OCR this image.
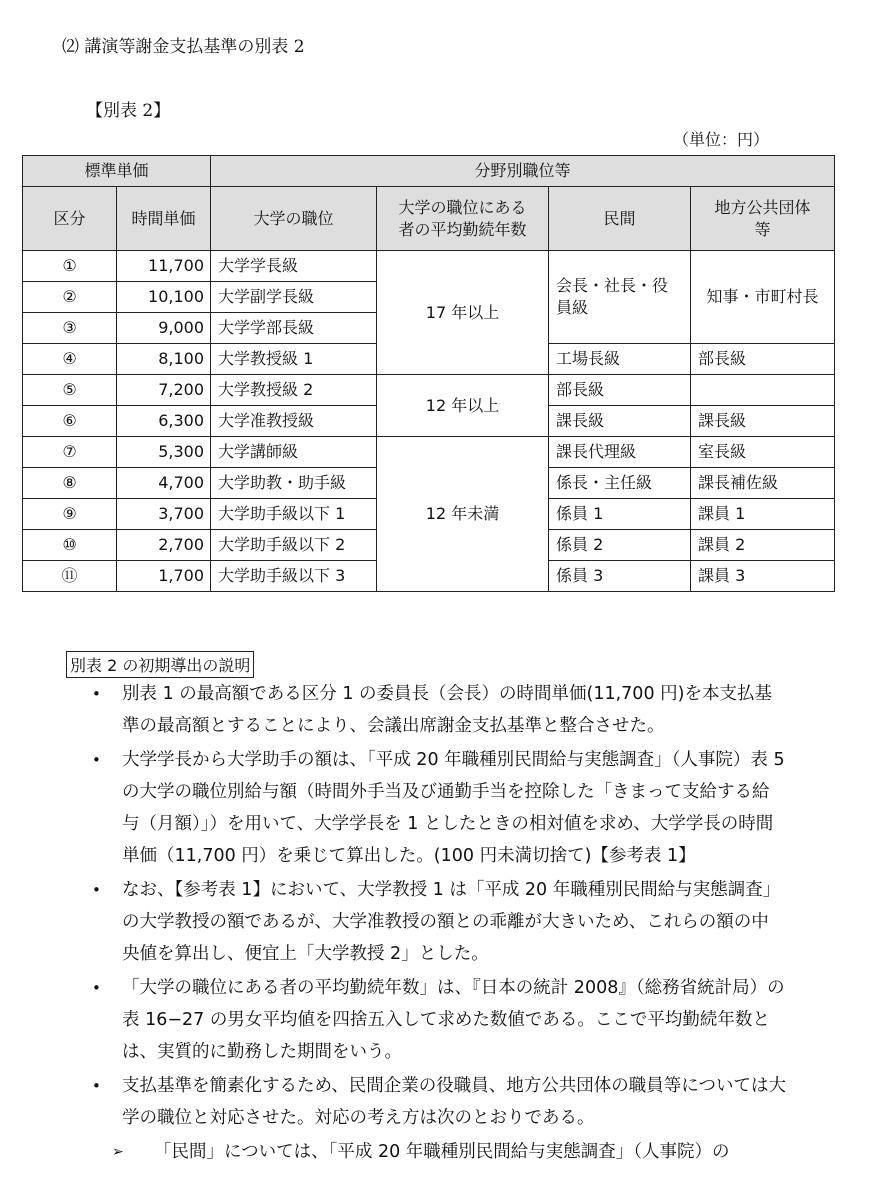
⑵ 講演等謝金支払基準の別表 2
【別表 2】
（単位：円）
標準単価		分野別職位等			
区分	時間単価	大学の職位	大学の職位にある者の平均勤続年数	民間	地方公共団体等
①	11,700	大学学長級	17 年以上	会長・社長・役員級	知事・市町村長
②	10,100	大学副学長級			
③	9,000	大学学部長級			
④	8,100	大学教授級 1		工場長級	部長級
⑤	7,200	大学教授級 2	12 年以上	部長級	
⑥	6,300	大学准教授級		課長級	課長級
⑦	5,300	大学講師級	12 年未満	課長代理級	室長級
⑧	4,700	大学助教・助手級		係長・主任級	課長補佐級
⑨	3,700	大学助手級以下 1		係員 1	課員 1
⑩	2,700	大学助手級以下 2		係員 2	課員 2
⑪	1,700	大学助手級以下 3		係員 3	課員 3
別表 2 の初期導出の説明
• 別表 1 の最高額である区分 1 の委員長（会長）の時間単価(11,700 円)を本支払基準の最高額とすることにより、会議出席謝金支払基準と整合させた。
• 大学学長から大学助手の額は、「平成 20 年職種別民間給与実態調査」（人事院）表 5 の大学の職位別給与額（時間外手当及び通勤手当を控除した「きまって支給する給与（月額）」）を用いて、大学学長を 1 としたときの相対値を求め、大学学長の時間単価（11,700 円）を乗じて算出した。(100 円未満切捨て)【参考表 1】
• なお、【参考表 1】において、大学教授 1 は「平成 20 年職種別民間給与実態調査」の大学教授の額であるが、大学准教授の額との乖離が大きいため、これらの額の中央値を算出し、便宜上「大学教授 2」とした。
• 「大学の職位にある者の平均勤続年数」は、『日本の統計 2008』（総務省統計局）の表 16−27 の男女平均値を四捨五入して求めた数値である。ここで平均勤続年数とは、実質的に勤務した期間をいう。
• 支払基準を簡素化するため、民間企業の役職員、地方公共団体の職員等については大学の職位と対応させた。対応の考え方は次のとおりである。
➢ 「民間」については、「平成 20 年職種別民間給与実態調査」（人事院）の
